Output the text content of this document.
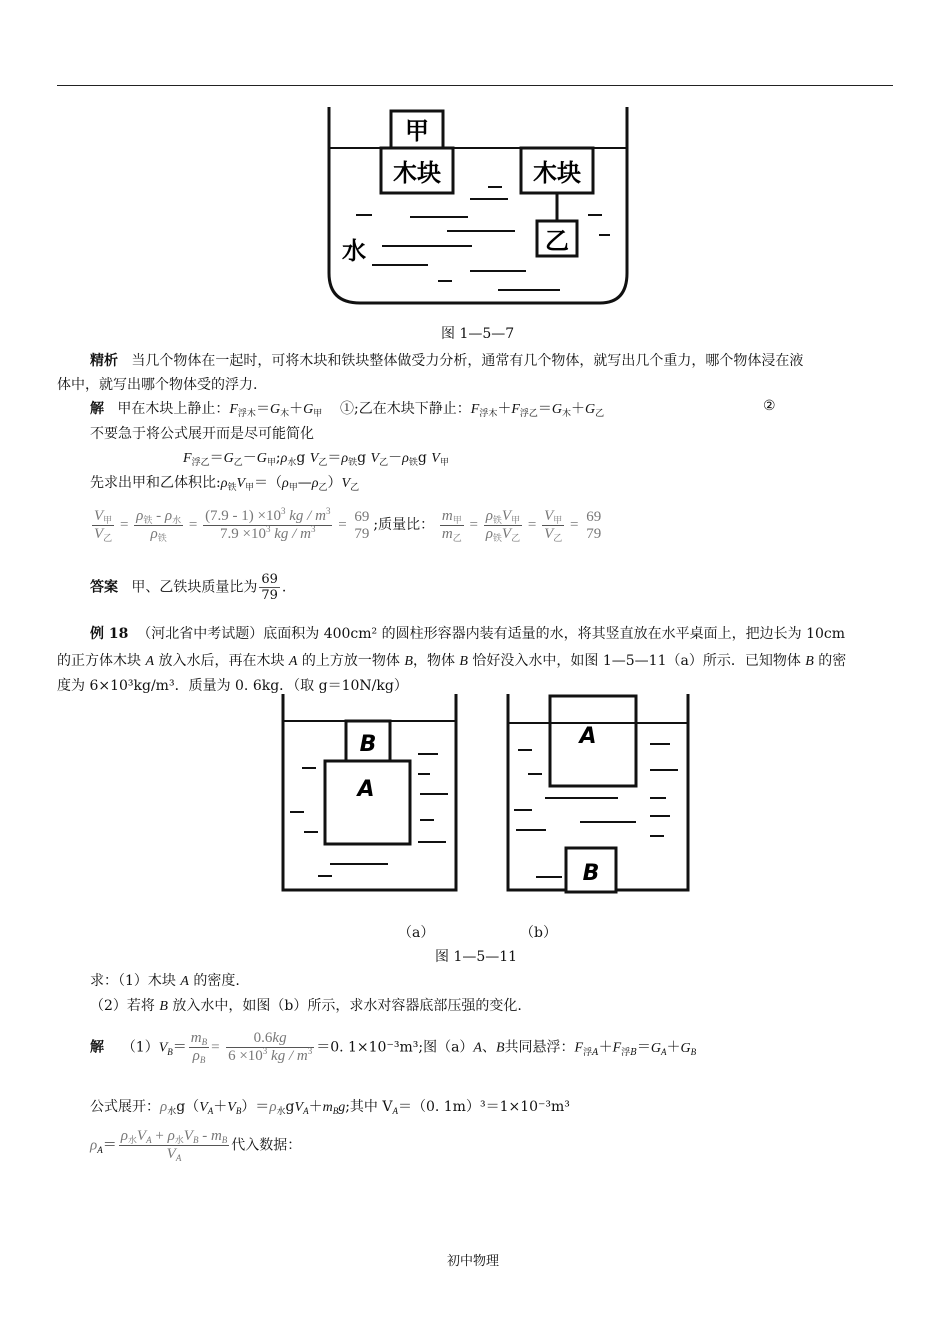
甲
木块	木块
乙
水
图 1—5—7
精析 当几个物体在一起时，可将木块和铁块整体做受力分析，通常有几个物体，就写出几个重力，哪个物体浸在液
体中，就写出哪个物体受的浮力.
解 甲在木块上静止：$F_{浮木}=G_木+G_甲$ ①;乙在木块下静止：$F_{浮木}+F_{浮乙}=G_木+G_乙$	②
不要急于将公式展开而是尽可能简化
$F_{浮乙}=G_乙-G_甲;\rho_水g$ $V_乙=\rho_铁g$ $V_乙-\rho_铁g$ $V_甲$
先求出甲和乙体积比$:\rho_铁V_甲=(\rho_甲—\rho_乙)V_乙$
$\frac{V_甲}{V_乙} = \frac{\rho_铁 - \rho_水}{\rho_铁} = \frac{(7.9 - 1) \times 10^3 kg / m^3}{7.9 \times 10^3 kg / m^3}$ =
69
79
;质量比： $\frac{m_甲}{m_乙} = \frac{\rho_铁V_甲}{\rho_铁V_乙} = \frac{V_甲}{V_乙}$ =
69
79
答案 甲、乙铁块质量比为 $\frac{69}{79}$ .
例 18 （河北省中考试题）底面积为 400cm² 的圆柱形容器内装有适量的水，将其竖直放在水平桌面上，把边长为 10cm
的正方体木块 A 放入水后，再在木块 A 的上方放一物体 B，物体 B 恰好没入水中，如图 1—5—11（a）所示．已知物体 B 的密
度为 6×10³kg/m³．质量为 0. 6kg．（取 g＝10N/kg）
B
A
A
B
（a）	（b）
图 1—5—11
求：（1）木块 A 的密度.
（2）若将 B 放入水中，如图（b）所示，求水对容器底部压强的变化.
解 $(1)V_B= \frac{m_B}{\rho_B} = \frac{0.6kg}{6 \times 10^3 kg / m^3} =0$. 1×10⁻³m³;图（a）A、B共同悬浮：$F_{浮A}+F_{浮B}=G_A+G_B$
公式展开：$\rho_水g(V_A+V_B)=\rho_水gV_A+m_Bg$;其中 $V_A=(0$. 1m）³＝1×10⁻³m³
$\rho_A= \frac{\rho_水V_A + \rho_水V_B - m_B}{V_A}$ 代入数据：
初中物理
